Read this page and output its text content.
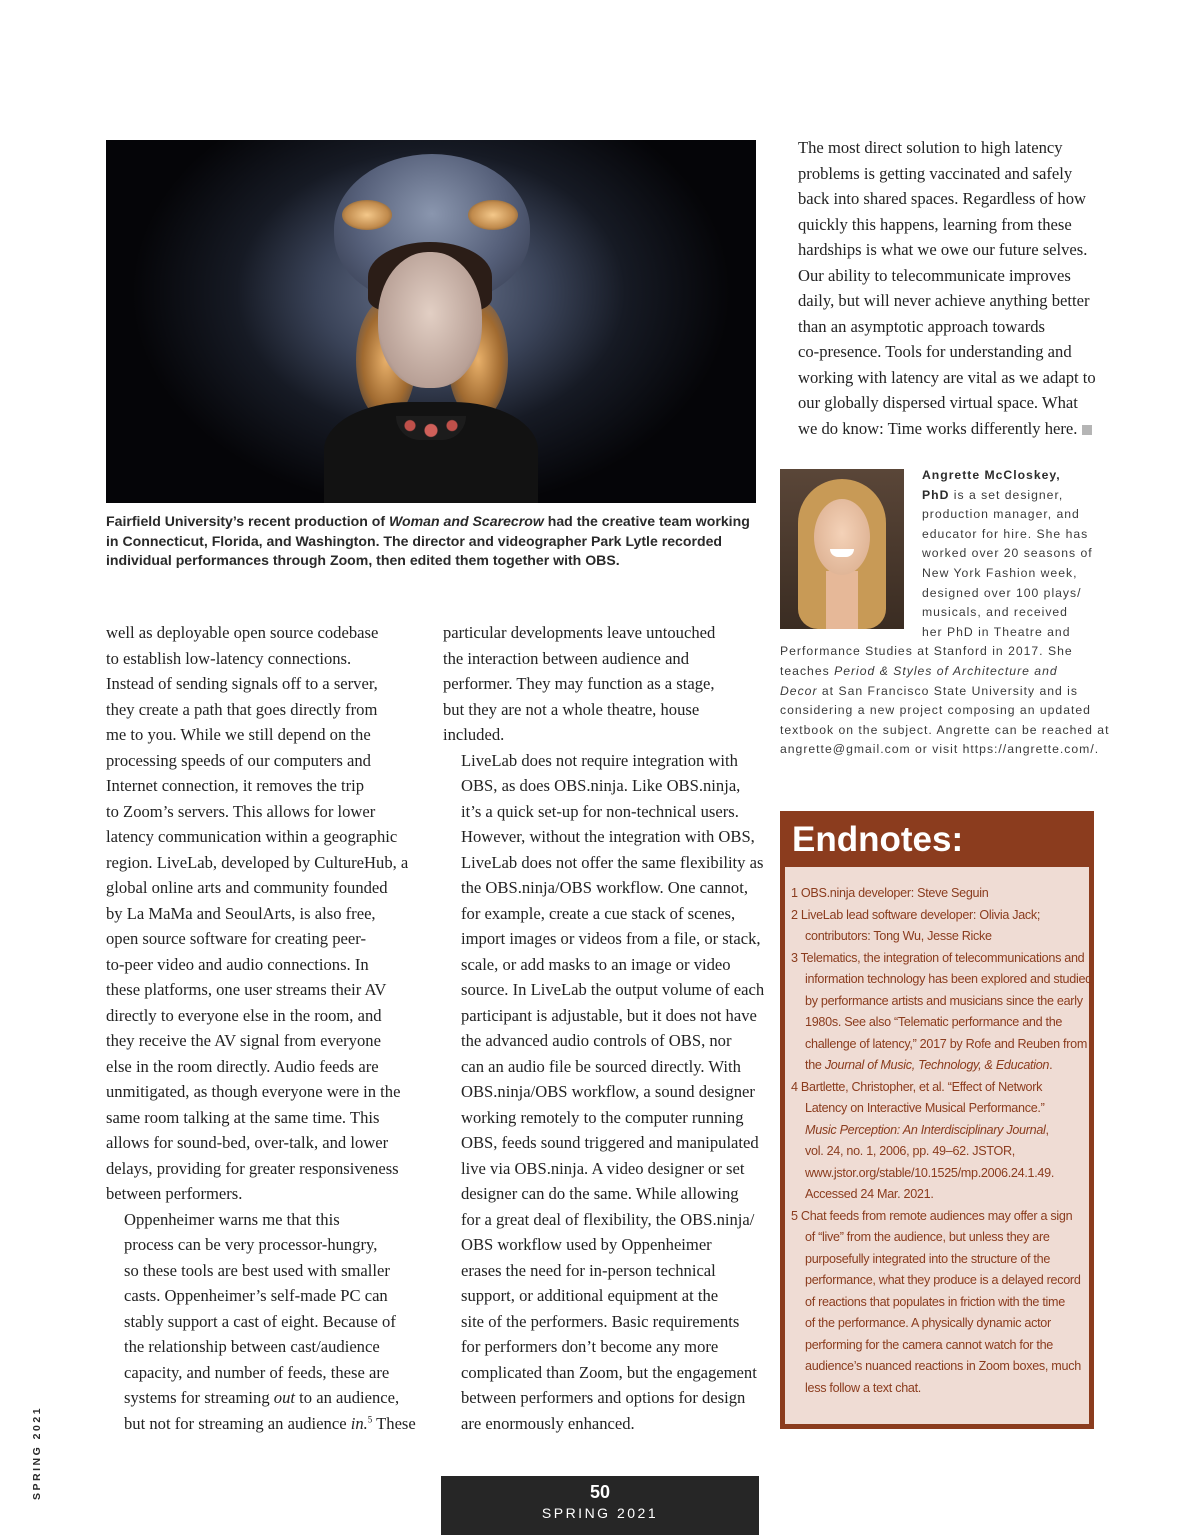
Fairfield University’s recent production of Woman and Scarecrow had the creative team working
in Connecticut, Florida, and Washington. The director and videographer Park Lytle recorded
individual performances through Zoom, then edited them together with OBS.

well as deployable open source codebase
to establish low-latency connections.
Instead of sending signals off to a server,
they create a path that goes directly from
me to you. While we still depend on the
processing speeds of our computers and
Internet connection, it removes the trip
to Zoom’s servers. This allows for lower
latency communication within a geographic
region. LiveLab, developed by CultureHub, a
global online arts and community founded
by La MaMa and SeoulArts, is also free,
open source software for creating peer-
to-peer video and audio connections. In
these platforms, one user streams their AV
directly to everyone else in the room, and
they receive the AV signal from everyone
else in the room directly. Audio feeds are
unmitigated, as though everyone were in the
same room talking at the same time. This
allows for sound-bed, over-talk, and lower
delays, providing for greater responsiveness
between performers.

Oppenheimer warns me that this
process can be very processor-hungry,
so these tools are best used with smaller
casts. Oppenheimer’s self-made PC can
stably support a cast of eight. Because of
the relationship between cast/audience
capacity, and number of feeds, these are
systems for streaming out to an audience,
but not for streaming an audience in.$^5$ These

particular developments leave untouched
the interaction between audience and
performer. They may function as a stage,
but they are not a whole theatre, house
included.

LiveLab does not require integration with
OBS, as does OBS.ninja. Like OBS.ninja,
it’s a quick set-up for non-technical users.
However, without the integration with OBS,
LiveLab does not offer the same flexibility as
the OBS.ninja/OBS workflow. One cannot,
for example, create a cue stack of scenes,
import images or videos from a file, or stack,
scale, or add masks to an image or video
source. In LiveLab the output volume of each
participant is adjustable, but it does not have
the advanced audio controls of OBS, nor
can an audio file be sourced directly. With
OBS.ninja/OBS workflow, a sound designer
working remotely to the computer running
OBS, feeds sound triggered and manipulated
live via OBS.ninja. A video designer or set
designer can do the same. While allowing
for a great deal of flexibility, the OBS.ninja/
OBS workflow used by Oppenheimer
erases the need for in-person technical
support, or additional equipment at the
site of the performers. Basic requirements
for performers don’t become any more
complicated than Zoom, but the engagement
between performers and options for design
are enormously enhanced.

The most direct solution to high latency
problems is getting vaccinated and safely
back into shared spaces. Regardless of how
quickly this happens, learning from these
hardships is what we owe our future selves.
Our ability to telecommunicate improves
daily, but will never achieve anything better
than an asymptotic approach towards
co-presence. Tools for understanding and
working with latency are vital as we adapt to
our globally dispersed virtual space. What
we do know: Time works differently here.

Angrette McCloskey,
PhD is a set designer,
production manager, and
educator for hire. She has
worked over 20 seasons of
New York Fashion week,
designed over 100 plays/
musicals, and received
her PhD in Theatre and
Performance Studies at Stanford in 2017. She
teaches Period & Styles of Architecture and
Decor at San Francisco State University and is
considering a new project composing an updated
textbook on the subject. Angrette can be reached at
angrette@gmail.com or visit https://angrette.com/.
Endnotes:
1 OBS.ninja developer: Steve Seguin
2 LiveLab lead software developer: Olivia Jack;
contributors: Tong Wu, Jesse Ricke
3 Telematics, the integration of telecommunications and
information technology has been explored and studied
by performance artists and musicians since the early
1980s. See also “Telematic performance and the
challenge of latency,” 2017 by Rofe and Reuben from
the Journal of Music, Technology, & Education.
4 Bartlette, Christopher, et al. “Effect of Network
Latency on Interactive Musical Performance.”
Music Perception: An Interdisciplinary Journal,
vol. 24, no. 1, 2006, pp. 49–62. JSTOR,
www.jstor.org/stable/10.1525/mp.2006.24.1.49.
Accessed 24 Mar. 2021.
5 Chat feeds from remote audiences may offer a sign
of “live” from the audience, but unless they are
purposefully integrated into the structure of the
performance, what they produce is a delayed record
of reactions that populates in friction with the time
of the performance. A physically dynamic actor
performing for the camera cannot watch for the
audience’s nuanced reactions in Zoom boxes, much
less follow a text chat.
SPRING 2021	50
SPRING 2021
